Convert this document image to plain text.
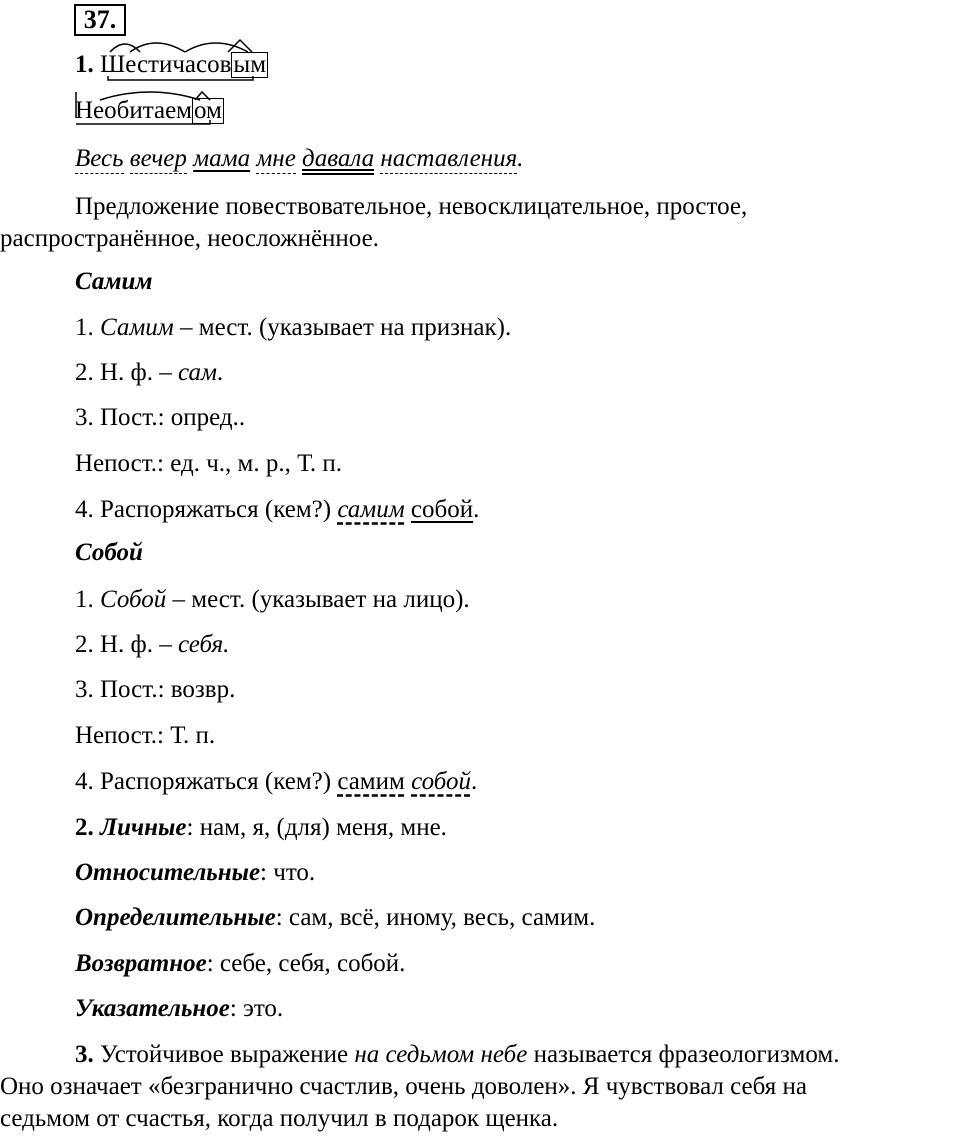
37.
1. Шестичасовым
Необитаемом
Весь вечер мама мне давала наставления.
Предложение повествовательное, невосклицательное, простое,
распространённое, неосложнённое.
Самим
1. Самим – мест. (указывает на признак).
2. Н. ф. – сам.
3. Пост.: опред..
Непост.: ед. ч., м. р., Т. п.
4. Распоряжаться (кем?) самим собой.
Собой
1. Собой – мест. (указывает на лицо).
2. Н. ф. – себя.
3. Пост.: возвр.
Непост.: Т. п.
4. Распоряжаться (кем?) самим собой.
2. Личные: нам, я, (для) меня, мне.
Относительные: что.
Определительные: сам, всё, иному, весь, самим.
Возвратное: себе, себя, собой.
Указательное: это.
3. Устойчивое выражение на седьмом небе называется фразеологизмом.
Оно означает «безгранично счастлив, очень доволен». Я чувствовал себя на
седьмом от счастья, когда получил в подарок щенка.
